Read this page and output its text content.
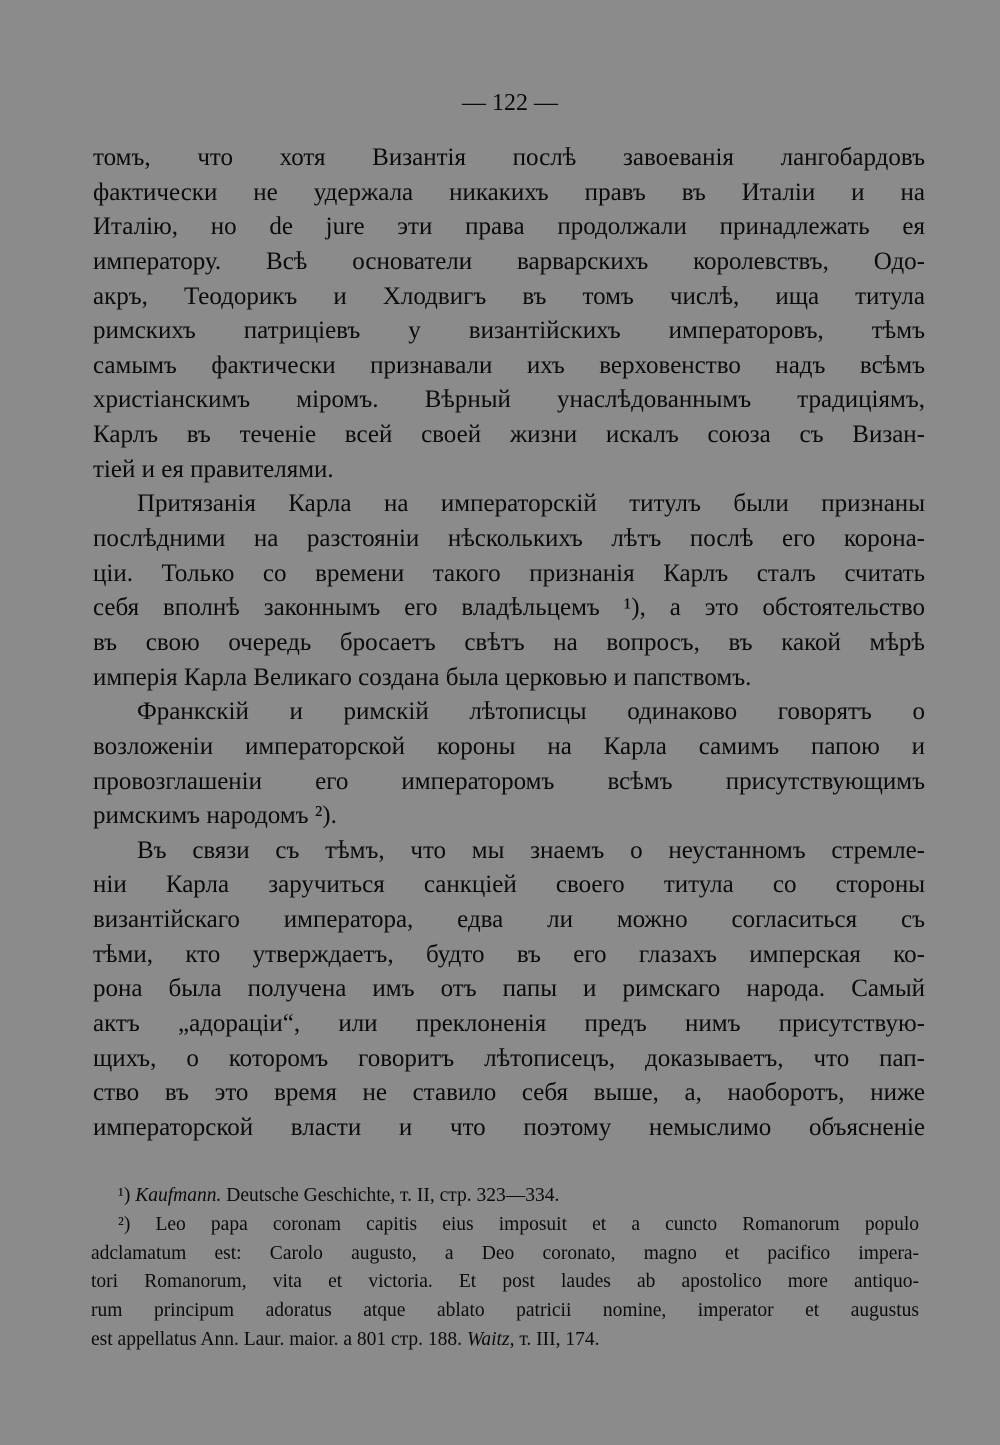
— 122 —
томъ, что хотя Византія послѣ завоеванія лангобардовъ
фактически не удержала никакихъ правъ въ Италіи и на
Италію, но de jure эти права продолжали принадлежать ея
императору. Всѣ основатели варварскихъ королевствъ, Одо-
акръ, Теодорикъ и Хлодвигъ въ томъ числѣ, ища титула
римскихъ патриціевъ у византійскихъ императоровъ, тѣмъ
самымъ фактически признавали ихъ верховенство надъ всѣмъ
христіанскимъ міромъ. Вѣрный унаслѣдованнымъ традиціямъ,
Карлъ въ теченіе всей своей жизни искалъ союза съ Визан-
тіей и ея правителями.
Притязанія Карла на императорскій титулъ были признаны
послѣдними на разстояніи нѣсколькихъ лѣтъ послѣ его корона-
ціи. Только со времени такого признанія Карлъ сталъ считать
себя вполнѣ законнымъ его владѣльцемъ ¹), а это обстоятельство
въ свою очередь бросаетъ свѣтъ на вопросъ, въ какой мѣрѣ
имперія Карла Великаго создана была церковью и папствомъ.
Франкскій и римскій лѣтописцы одинаково говорятъ о
возложеніи императорской короны на Карла самимъ папою и
провозглашеніи его императоромъ всѣмъ присутствующимъ
римскимъ народомъ ²).
Въ связи съ тѣмъ, что мы знаемъ о неустанномъ стремле-
ніи Карла заручиться санкціей своего титула со стороны
византійскаго императора, едва ли можно согласиться съ
тѣми, кто утверждаетъ, будто въ его глазахъ имперская ко-
рона была получена имъ отъ папы и римскаго народа. Самый
актъ „адораціи“, или преклоненія предъ нимъ присутствую-
щихъ, о которомъ говоритъ лѣтописецъ, доказываетъ, что пап-
ство въ это время не ставило себя выше, а, наоборотъ, ниже
императорской власти и что поэтому немыслимо объясненіе
¹) Kaufmann. Deutsche Geschichte, т. II, стр. 323—334.
²) Leo papa coronam capitis eius imposuit et a cuncto Romanorum populo
adclamatum est: Carolo augusto, a Deo coronato, magno et pacifico impera-
tori Romanorum, vita et victoria. Et post laudes ab apostolico more antiquo-
rum principum adoratus atque ablato patricii nomine, imperator et augustus
est appellatus Ann. Laur. maior. a 801 стр. 188. Waitz, т. III, 174.
